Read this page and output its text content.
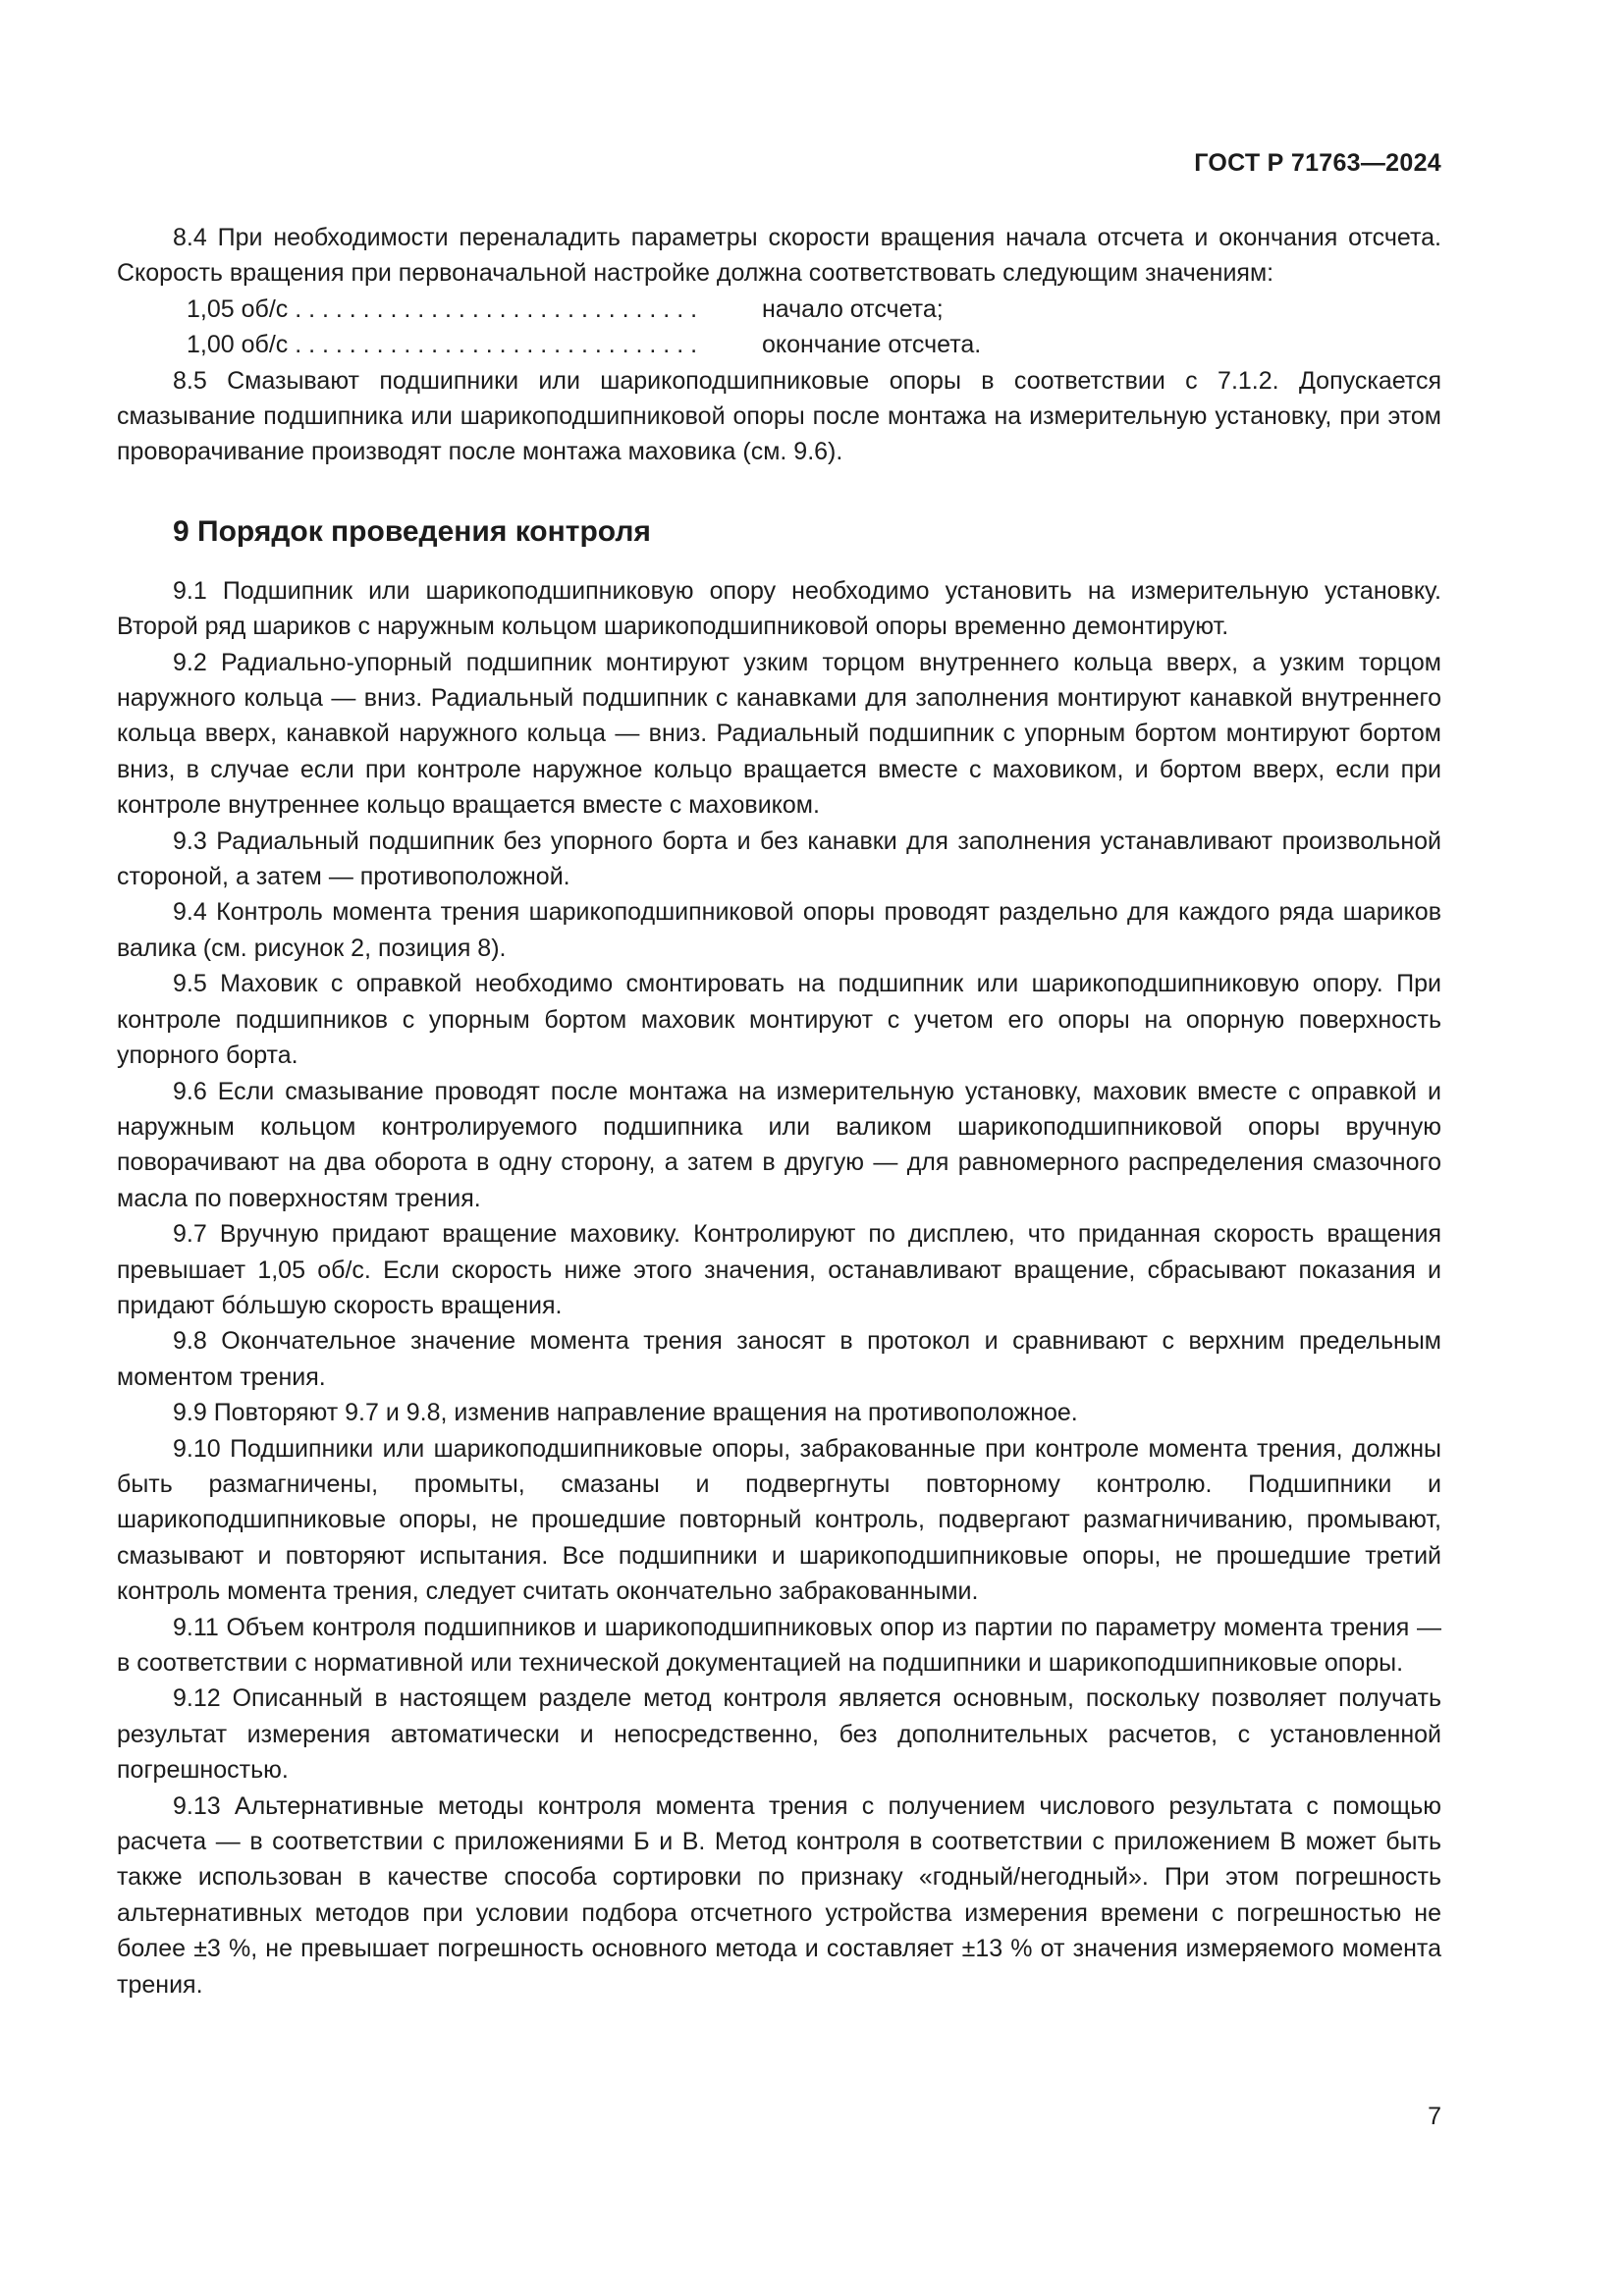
ГОСТ Р 71763—2024

8.4 При необходимости переналадить параметры скорости вращения начала отсчета и окончания отсчета. Скорость вращения при первоначальной настройке должна соответствовать следующим значениям:

1,05 об/с . . . . . . . . . . . . . . . . . . . . . . . . . . . . . .	начало отсчета;
1,00 об/с . . . . . . . . . . . . . . . . . . . . . . . . . . . . . .	окончание отсчета.

8.5 Смазывают подшипники или шарикоподшипниковые опоры в соответствии с 7.1.2. Допускается смазывание подшипника или шарикоподшипниковой опоры после монтажа на измерительную установку, при этом проворачивание производят после монтажа маховика (см. 9.6).

9 Порядок проведения контроля

9.1 Подшипник или шарикоподшипниковую опору необходимо установить на измерительную установку. Второй ряд шариков с наружным кольцом шарикоподшипниковой опоры временно демонтируют.

9.2 Радиально-упорный подшипник монтируют узким торцом внутреннего кольца вверх, а узким торцом наружного кольца — вниз. Радиальный подшипник с канавками для заполнения монтируют канавкой внутреннего кольца вверх, канавкой наружного кольца — вниз. Радиальный подшипник с упорным бортом монтируют бортом вниз, в случае если при контроле наружное кольцо вращается вместе с маховиком, и бортом вверх, если при контроле внутреннее кольцо вращается вместе с маховиком.

9.3 Радиальный подшипник без упорного борта и без канавки для заполнения устанавливают произвольной стороной, а затем — противоположной.

9.4 Контроль момента трения шарикоподшипниковой опоры проводят раздельно для каждого ряда шариков валика (см. рисунок 2, позиция 8).

9.5 Маховик с оправкой необходимо смонтировать на подшипник или шарикоподшипниковую опору. При контроле подшипников с упорным бортом маховик монтируют с учетом его опоры на опорную поверхность упорного борта.

9.6 Если смазывание проводят после монтажа на измерительную установку, маховик вместе с оправкой и наружным кольцом контролируемого подшипника или валиком шарикоподшипниковой опоры вручную поворачивают на два оборота в одну сторону, а затем в другую — для равномерного распределения смазочного масла по поверхностям трения.

9.7 Вручную придают вращение маховику. Контролируют по дисплею, что приданная скорость вращения превышает 1,05 об/с. Если скорость ниже этого значения, останавливают вращение, сбрасывают показания и придают бóльшую скорость вращения.

9.8 Окончательное значение момента трения заносят в протокол и сравнивают с верхним предельным моментом трения.

9.9 Повторяют 9.7 и 9.8, изменив направление вращения на противоположное.

9.10 Подшипники или шарикоподшипниковые опоры, забракованные при контроле момента трения, должны быть размагничены, промыты, смазаны и подвергнуты повторному контролю. Подшипники и шарикоподшипниковые опоры, не прошедшие повторный контроль, подвергают размагничиванию, промывают, смазывают и повторяют испытания. Все подшипники и шарикоподшипниковые опоры, не прошедшие третий контроль момента трения, следует считать окончательно забракованными.

9.11 Объем контроля подшипников и шарикоподшипниковых опор из партии по параметру момента трения — в соответствии с нормативной или технической документацией на подшипники и шарикоподшипниковые опоры.

9.12 Описанный в настоящем разделе метод контроля является основным, поскольку позволяет получать результат измерения автоматически и непосредственно, без дополнительных расчетов, с установленной погрешностью.

9.13 Альтернативные методы контроля момента трения с получением числового результата с помощью расчета — в соответствии с приложениями Б и В. Метод контроля в соответствии с приложением В может быть также использован в качестве способа сортировки по признаку «годный/негодный». При этом погрешность альтернативных методов при условии подбора отсчетного устройства измерения времени с погрешностью не более ±3 %, не превышает погрешность основного метода и составляет ±13 % от значения измеряемого момента трения.

7
